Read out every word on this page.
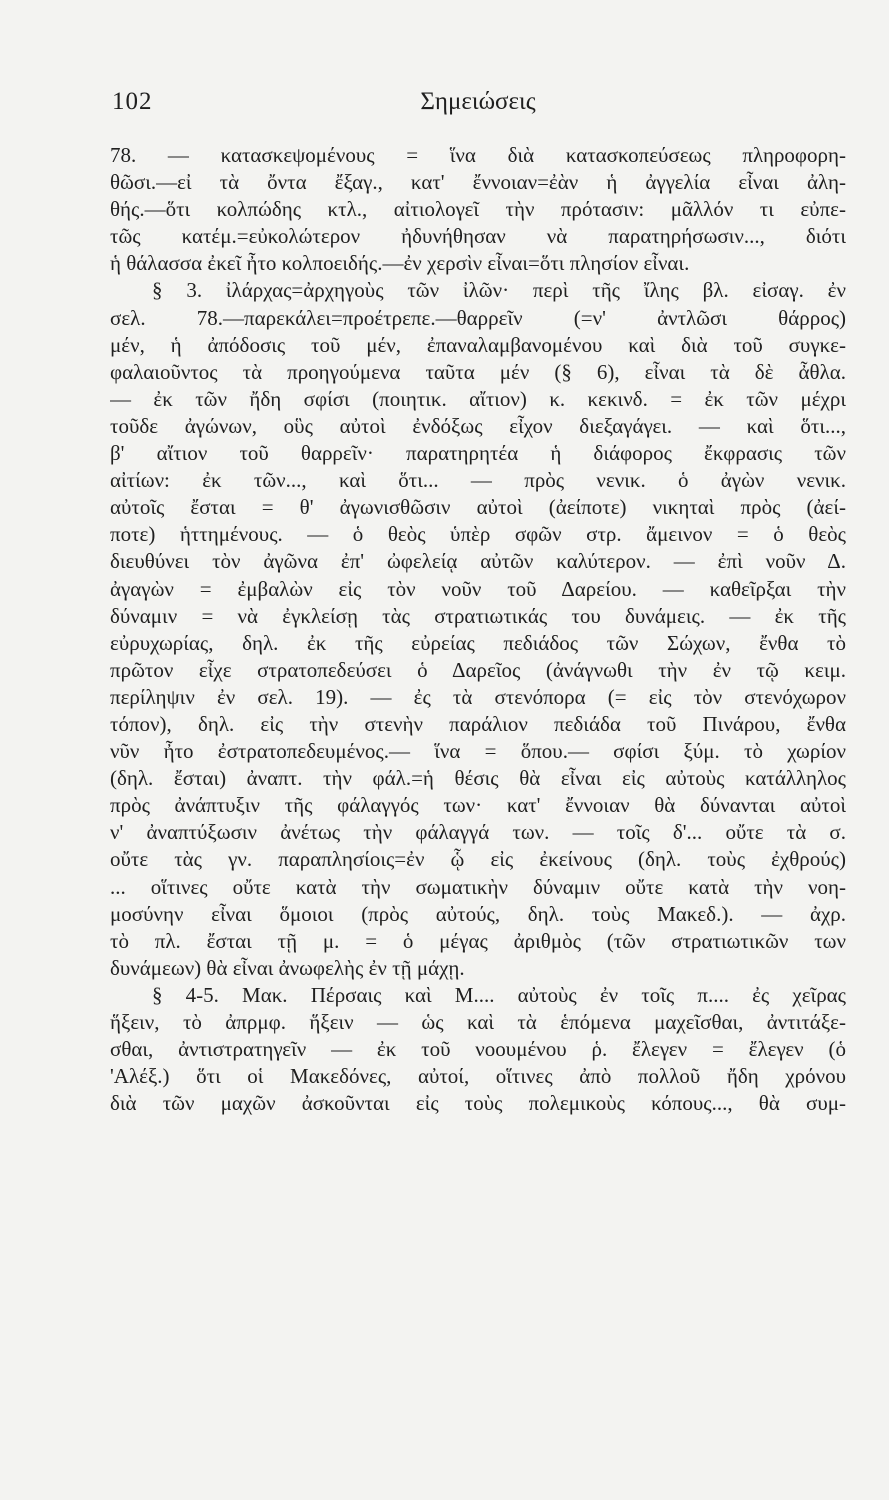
102	Σημειώσεις
78. — κατασκεψομένους = ἵνα διὰ κατασκοπεύσεως πληροφορη-
θῶσι.—εἰ τὰ ὄντα ἔξαγ., κατ' ἔννοιαν=ἐὰν ἡ ἀγγελία εἶναι ἀλη-
θής.—ὅτι κολπώδης κτλ., αἰτιολογεῖ τὴν πρότασιν: μᾶλλόν τι εὐπε-
τῶς κατέμ.=εὐκολώτερον ἠδυνήθησαν νὰ παρατηρήσωσιν..., διότι
ἡ θάλασσα ἐκεῖ ἦτο κολποειδής.—ἐν χερσὶν εἶναι=ὅτι πλησίον εἶναι.
§ 3. ἰλάρχας=ἀρχηγοὺς τῶν ἰλῶν· περὶ τῆς ἴλης βλ. εἰσαγ. ἐν
σελ. 78.—παρεκάλει=προέτρεπε.—θαρρεῖν (=ν' ἀντλῶσι θάρρος)
μέν, ἡ ἀπόδοσις τοῦ μέν, ἐπαναλαμβανομένου καὶ διὰ τοῦ συγκε-
φαλαιοῦντος τὰ προηγούμενα ταῦτα μέν (§ 6), εἶναι τὰ δὲ ἆθλα.
— ἐκ τῶν ἤδη σφίσι (ποιητικ. αἴτιον) κ. κεκινδ. = ἐκ τῶν μέχρι
τοῦδε ἀγώνων, οὓς αὐτοὶ ἐνδόξως εἶχον διεξαγάγει. — καὶ ὅτι...,
β' αἴτιον τοῦ θαρρεῖν· παρατηρητέα ἡ διάφορος ἔκφρασις τῶν
αἰτίων: ἐκ τῶν..., καὶ ὅτι... — πρὸς νενικ. ὁ ἀγὼν νενικ.
αὐτοῖς ἔσται = θ' ἀγωνισθῶσιν αὐτοὶ (ἀείποτε) νικηταὶ πρὸς (ἀεί-
ποτε) ἡττημένους. — ὁ θεὸς ὑπὲρ σφῶν στρ. ἄμεινον = ὁ θεὸς
διευθύνει τὸν ἀγῶνα ἐπ' ὠφελείᾳ αὐτῶν καλύτερον. — ἐπὶ νοῦν Δ.
ἀγαγὼν = ἐμβαλὼν εἰς τὸν νοῦν τοῦ Δαρείου. — καθεῖρξαι τὴν
δύναμιν = νὰ ἐγκλείσῃ τὰς στρατιωτικάς του δυνάμεις. — ἐκ τῆς
εὐρυχωρίας, δηλ. ἐκ τῆς εὐρείας πεδιάδος τῶν Σώχων, ἔνθα τὸ
πρῶτον εἶχε στρατοπεδεύσει ὁ Δαρεῖος (ἀνάγνωθι τὴν ἐν τῷ κειμ.
περίληψιν ἐν σελ. 19). — ἐς τὰ στενόπορα (= εἰς τὸν στενόχωρον
τόπον), δηλ. εἰς τὴν στενὴν παράλιον πεδιάδα τοῦ Πινάρου, ἔνθα
νῦν ἦτο ἐστρατοπεδευμένος.— ἵνα = ὅπου.— σφίσι ξύμ. τὸ χωρίον
(δηλ. ἔσται) ἀναπτ. τὴν φάλ.=ἡ θέσις θὰ εἶναι εἰς αὐτοὺς κατάλληλος
πρὸς ἀνάπτυξιν τῆς φάλαγγός των· κατ' ἔννοιαν θὰ δύνανται αὐτοὶ
ν' ἀναπτύξωσιν ἀνέτως τὴν φάλαγγά των. — τοῖς δ'... οὔτε τὰ σ.
οὔτε τὰς γν. παραπλησίοις=ἐν ᾧ εἰς ἐκείνους (δηλ. τοὺς ἐχθρούς)
... οἵτινες οὔτε κατὰ τὴν σωματικὴν δύναμιν οὔτε κατὰ τὴν νοη-
μοσύνην εἶναι ὅμοιοι (πρὸς αὐτούς, δηλ. τοὺς Μακεδ.). — ἀχρ.
τὸ πλ. ἔσται τῇ μ. = ὁ μέγας ἀριθμὸς (τῶν στρατιωτικῶν των
δυνάμεων) θὰ εἶναι ἀνωφελὴς ἐν τῇ μάχῃ.
§ 4-5. Μακ. Πέρσαις καὶ Μ.... αὐτοὺς ἐν τοῖς π.... ἐς χεῖρας
ἥξειν, τὸ ἀπρμφ. ἥξειν — ὡς καὶ τὰ ἑπόμενα μαχεῖσθαι, ἀντιτάξε-
σθαι, ἀντιστρατηγεῖν — ἐκ τοῦ νοουμένου ῥ. ἔλεγεν = ἔλεγεν (ὁ
'Αλέξ.) ὅτι οἱ Μακεδόνες, αὐτοί, οἵτινες ἀπὸ πολλοῦ ἤδη χρόνου
διὰ τῶν μαχῶν ἀσκοῦνται εἰς τοὺς πολεμικοὺς κόπους..., θὰ συμ-
